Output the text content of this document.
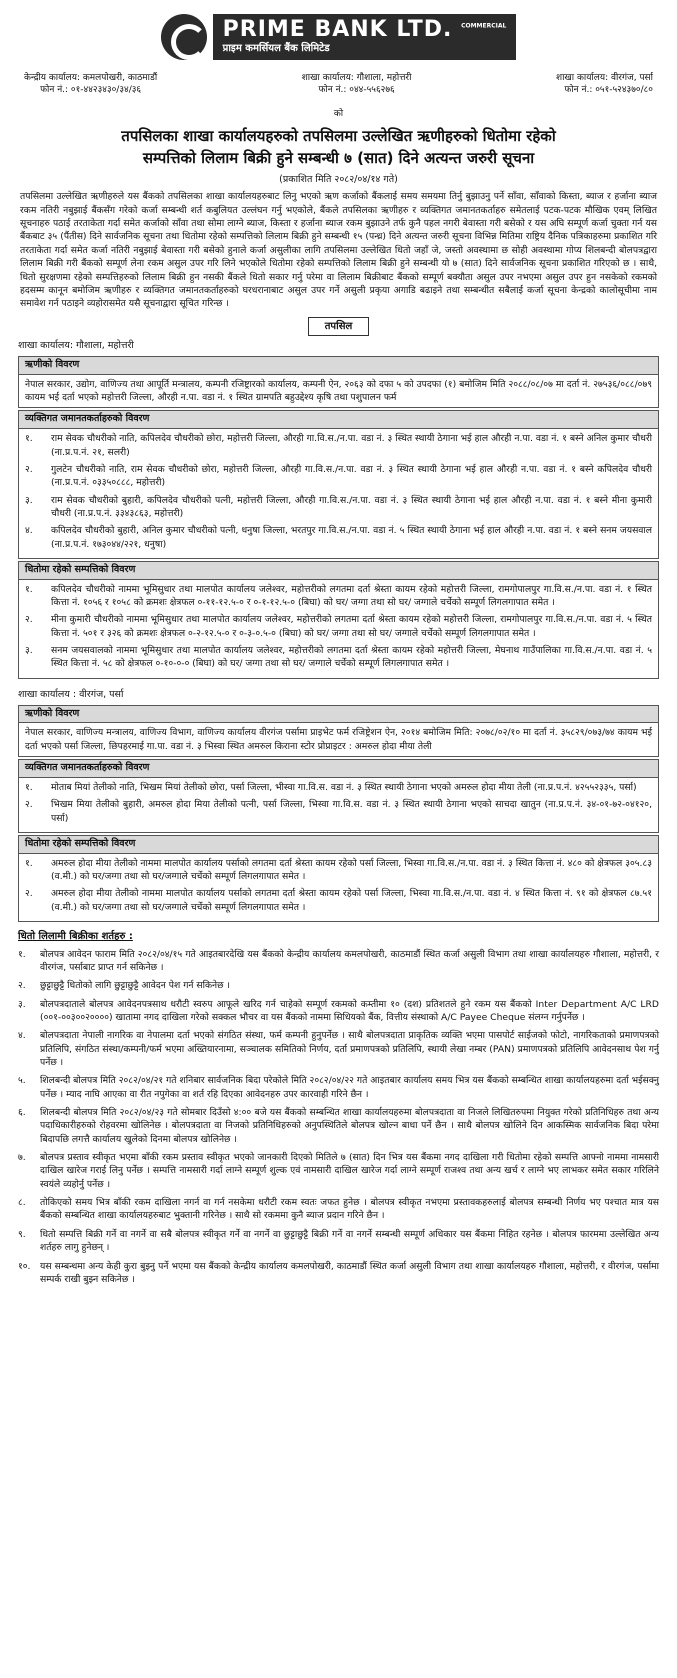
PRIME BANK LTD. $^{COMMERCIAL}$
प्राइम कमर्सियल बैंक लिमिटेड
केन्द्रीय कार्यालय: कमलपोखरी, काठमाडौं
फोन नं.: ०१-४४२३४३०/३४/३६
शाखा कार्यालय: गौशाला, महोत्तरी
फोन नं.: ०४४-५५६२७६
शाखा कार्यालय: वीरगंज, पर्सा
फोन नं.: ०५१-५२४३७०/८०
को
तपसिलका शाखा कार्यालयहरुको तपसिलमा उल्लेखित ऋणीहरुको धितोमा रहेको
सम्पत्तिको लिलाम बिक्री हुने सम्बन्धी ७ (सात) दिने अत्यन्त जरुरी सूचना
(प्रकाशित मिति २०८२/०४/१४ गते)
तपसिलमा उल्लेखित ऋणीहरुले यस बैंकको तपसिलका शाखा कार्यालयहरुबाट लिनु भएको ऋण कर्जाको बैंकलाई समय समयमा तिर्नु बुझाउनु पर्ने साँवा, साँवाको किस्ता, ब्याज र हर्जाना ब्याज रकम नतिरी नबुझाई बैंकसँग गरेको कर्जा सम्बन्धी शर्त कबुलियत उल्लंघन गर्नु भएकोले, बैंकले तपसिलका ऋणीहरु र व्यक्तिगत जमानतकर्ताहरु समेतलाई पटक-पटक मौखिक एवम् लिखित सूचनाहरु पठाई तरताकेता गर्दा समेत कर्जाको साँवा तथा सोमा लाग्ने ब्याज, किस्ता र हर्जाना ब्याज रकम बुझाउने तर्फ कुनै पहल नगरी बेवास्ता गरी बसेको र यस अघि सम्पूर्ण कर्जा चुक्ता गर्न यस बैंकबाट ३५ (पैंतीस) दिने सार्वजनिक सूचना तथा धितोमा रहेको सम्पत्तिको लिलाम बिक्री हुने सम्बन्धी १५ (पन्ध्र) दिने अत्यन्त जरुरी सूचना विभिन्न मितिमा राष्ट्रिय दैनिक पत्रिकाहरुमा प्रकाशित गरि तरताकेता गर्दा समेत कर्जा नतिरी नबुझाई बेवास्ता गरी बसेको हुनाले कर्जा असुलीका लागि तपसिलमा उल्लेखित धितो जहाँ जे, जस्तो अवस्थामा छ सोही अवस्थामा गोप्य शिलबन्दी बोलपत्रद्वारा लिलाम बिक्री गरी बैंकको सम्पूर्ण लेना रकम असुल उपर गरि लिने भएकोले धितोमा रहेको सम्पत्तिको लिलाम बिक्री हुने सम्बन्धी यो ७ (सात) दिने सार्वजनिक सूचना प्रकाशित गरिएको छ । साथै, धितो सुरक्षणमा रहेको सम्पत्तिहरुको लिलाम बिक्री हुन नसकी बैंकले धितो सकार गर्नु परेमा वा लिलाम बिक्रीबाट बैंकको सम्पूर्ण बक्यौता असुल उपर नभएमा असुल उपर हुन नसकेको रकमको हदसम्म कानून बमोजिम ऋणीहरु र व्यक्तिगत जमानतकर्ताहरुको घरधरानाबाट असुल उपर गर्ने असुली प्रकृया अगाडि बढाइने तथा सम्बन्धीत सबैलाई कर्जा सूचना केन्द्रको कालोसूचीमा नाम समावेश गर्न पठाइने व्यहोरासमेत यसै सूचनाद्वारा सूचित गरिन्छ ।
तपसिल
शाखा कार्यालय: गौशाला, महोत्तरी
ऋणीको विवरण
नेपाल सरकार, उद्योग, वाणिज्य तथा आपूर्ति मन्त्रालय, कम्पनी रजिष्ट्रारको कार्यालय, कम्पनी ऐन, २०६३ को दफा ५ को उपदफा (१) बमोजिम मिति २०८८/०८/०७ मा दर्ता नं. २७५३६/०८८/०७९ कायम भई दर्ता भएको महोत्तरी जिल्ला, औरही न.पा. वडा नं. १ स्थित ग्रामपति बहुउद्देश्य कृषि तथा पशुपालन फर्म
व्यक्तिगत जमानतकर्ताहरुको विवरण
१.	राम सेवक चौधरीको नाति, कपिलदेव चौधरीको छोरा, महोत्तरी जिल्ला, औरही गा.वि.स./न.पा. वडा नं. ३ स्थित स्थायी ठेगाना भई हाल औरही न.पा. वडा नं. १ बस्ने अनिल कुमार चौधरी (ना.प्र.प.नं. २१, सलरी)
२.	गुलटेन चौधरीको नाति, राम सेवक चौधरीको छोरा, महोत्तरी जिल्ला, औरही गा.वि.स./न.पा. वडा नं. ३ स्थित स्थायी ठेगाना भई हाल औरही न.पा. वडा नं. १ बस्ने कपिलदेव चौधरी (ना.प्र.प.नं. ०३३५०८८८, महोत्तरी)
३.	राम सेवक चौधरीको बुहारी, कपिलदेव चौधरीको पत्नी, महोत्तरी जिल्ला, औरही गा.वि.स./न.पा. वडा नं. ३ स्थित स्थायी ठेगाना भई हाल औरही न.पा. वडा नं. १ बस्ने मीना कुमारी चौधरी (ना.प्र.प.नं. ३३४३८६३, महोत्तरी)
४.	कपिलदेव चौधरीको बुहारी, अनिल कुमार चौधरीको पत्नी, धनुषा जिल्ला, भरतपुर गा.वि.स./न.पा. वडा नं. ५ स्थित स्थायी ठेगाना भई हाल औरही न.पा. वडा नं. १ बस्ने सनम जयसवाल (ना.प्र.प.नं. १७३०४४/२२१, धनुषा)
धितोमा रहेको सम्पत्तिको विवरण
१.	कपिलदेव चौधरीको नाममा भूमिसुधार तथा मालपोत कार्यालय जलेश्वर, महोत्तरीको लगतमा दर्ता श्रेस्ता कायम रहेको महोत्तरी जिल्ला, रामगोपालपुर गा.वि.स./न.पा. वडा नं. १ स्थित कित्ता नं. १०५६ र १०५८ को क्रमशः क्षेत्रफल ०-११-१२.५-० र ०-१-१२.५-० (बिघा) को घर/ जग्गा तथा सो घर/ जग्गाले चर्चेको सम्पूर्ण लिगलगापात समेत ।
२.	मीना कुमारी चौधरीको नाममा भूमिसुधार तथा मालपोत कार्यालय जलेश्वर, महोत्तरीको लगतमा दर्ता श्रेस्ता कायम रहेको महोत्तरी जिल्ला, रामगोपालपुर गा.वि.स./न.पा. वडा नं. ५ स्थित कित्ता नं. ५०१ र ३२६ को क्रमशः क्षेत्रफल ०-२-१२.५-० र ०-३-०.५-० (बिघा) को घर/ जग्गा तथा सो घर/ जग्गाले चर्चेको सम्पूर्ण लिगलगापात समेत ।
३.	सनम जयसवालको नाममा भूमिसुधार तथा मालपोत कार्यालय जलेश्वर, महोत्तरीको लगतमा दर्ता श्रेस्ता कायम रहेको महोत्तरी जिल्ला, मेघनाथ गाउँपालिका गा.वि.स./न.पा. वडा नं. ५ स्थित कित्ता नं. ५८ को क्षेत्रफल ०-१०-०-० (बिघा) को घर/ जग्गा तथा सो घर/ जग्गाले चर्चेको सम्पूर्ण लिगलगापात समेत ।
शाखा कार्यालय : वीरगंज, पर्सा
ऋणीको विवरण
नेपाल सरकार, वाणिज्य मन्त्रालय, वाणिज्य विभाग, वाणिज्य कार्यालय वीरगंज पर्सामा प्राइभेट फर्म रजिष्ट्रेशन ऐन, २०१४ बमोजिम मिति: २०७८/०२/१० मा दर्ता नं. ३५८२९/०७३/७४ कायम भई दर्ता भएको पर्सा जिल्ला, छिपहरमाई गा.पा. वडा नं. ३ भिस्वा स्थित अमरुल किराना स्टोर प्रोप्राइटर : अमरुल होदा मीया तेली
व्यक्तिगत जमानतकर्ताहरुको विवरण
१.	मोताब मियां तेलीको नाति, भिखम मियां तेलीको छोरा, पर्सा जिल्ला, भीस्वा गा.वि.स. वडा नं. ३ स्थित स्थायी ठेगाना भएको अमरुल होदा मीया तेली (ना.प्र.प.नं. ४२५५२३३५, पर्सा)
२.	भिखम मिया तेलीको बुहारी, अमरुल होदा मिया तेलीको पत्नी, पर्सा जिल्ला, भिस्वा गा.वि.स. वडा नं. ३ स्थित स्थायी ठेगाना भएको साचदा खातुन (ना.प्र.प.नं. ३४-०१-७२-०४१२०, पर्सा)
धितोमा रहेको सम्पत्तिको विवरण
१.	अमरुल होदा मीया तेलीको नाममा मालपोत कार्यालय पर्साको लगतमा दर्ता श्रेस्ता कायम रहेको पर्सा जिल्ला, भिस्वा गा.वि.स./न.पा. वडा नं. ३ स्थित कित्ता नं. ४८० को क्षेत्रफल ३०५.८३ (व.मी.) को घर/जग्गा तथा सो घर/जग्गाले चर्चेको सम्पूर्ण लिगलगापात समेत ।
२.	अमरुल होदा मीया तेलीको नाममा मालपोत कार्यालय पर्साको लगतमा दर्ता श्रेस्ता कायम रहेको पर्सा जिल्ला, भिस्वा गा.वि.स./न.पा. वडा नं. ४ स्थित कित्ता नं. ९१ को क्षेत्रफल ८७.५१ (व.मी.) को घर/जग्गा तथा सो घर/जग्गाले चर्चेको सम्पूर्ण लिगलगापात समेत ।
धितो लिलामी बिक्रीका शर्तहरु :
१.	बोलपत्र आवेदन फाराम मिति २०८२/०४/१५ गते आइतबारदेखि यस बैंकको केन्द्रीय कार्यालय कमलपोखरी, काठमाडौं स्थित कर्जा असुली विभाग तथा शाखा कार्यालयहरु गौशाला, महोत्तरी, र वीरगंज, पर्साबाट प्राप्त गर्न सकिनेछ ।
२.	छुट्टाछुट्टै धितोको लागि छुट्टाछुट्टै आवेदन पेश गर्न सकिनेछ ।
३.	बोलपत्रदाताले बोलपत्र आवेदनपत्रसाथ धरौटी स्वरुप आफूले खरिद गर्न चाहेको सम्पूर्ण रकमको कम्तीमा १० (दश) प्रतिशतले हुने रकम यस बैंकको Inter Department A/C LRD (००१-००३००२००००) खातामा नगद दाखिला गरेको सक्कल भौचर वा यस बैंकको नाममा सिधियको बैंक, वित्तीय संस्थाको A/C Payee Cheque संलग्न गर्नुपर्नेछ ।
४.	बोलपत्रदाता नेपाली नागरिक वा नेपालमा दर्ता भएको संगठित संस्था, फर्म कम्पनी हुनुपर्नेछ । साथै बोलपत्रदाता प्राकृतिक व्यक्ति भएमा पासपोर्ट साईजको फोटो, नागरिकताको प्रमाणपत्रको प्रतिलिपि, संगठित संस्था/कम्पनी/फर्म भएमा अख्तियारनामा, सञ्चालक समितिको निर्णय, दर्ता प्रमाणपत्रको प्रतिलिपि, स्थायी लेखा नम्बर (PAN) प्रमाणपत्रको प्रतिलिपि आवेदनसाथ पेश गर्नु पर्नेछ ।
५.	शिलबन्दी बोलपत्र मिति २०८२/०४/२१ गते शनिबार सार्वजनिक बिदा परेकोले मिति २०८२/०४/२२ गते आइतबार कार्यालय समय भित्र यस बैंकको सम्बन्धित शाखा कार्यालयहरुमा दर्ता भईसक्नु पर्नेछ । म्याद नाघि आएका वा रीत नपुगेका वा शर्त रहि दिएका आवेदनहरु उपर कारवाही गरिने छैन ।
६.	शिलबन्दी बोलपत्र मिति २०८२/०४/२३ गते सोमबार दिउँसो ४:०० बजे यस बैंकको सम्बन्धित शाखा कार्यालयहरुमा बोलपत्रदाता वा निजले लिखितरुपमा नियुक्त गरेको प्रतिनिधिहरु तथा अन्य पदाधिकारीहरुको रोहवरमा खोलिनेछ । बोलपत्रदाता वा निजको प्रतिनिधिहरुको अनुपस्थितिले बोलपत्र खोल्न बाधा पर्ने छैन । साथै बोलपत्र खोलिने दिन आकस्मिक सार्वजनिक बिदा परेमा बिदापछि लगत्तै कार्यालय खुलेको दिनमा बोलपत्र खोलिनेछ ।
७.	बोलपत्र प्रस्ताव स्वीकृत भएमा बाँकी रकम प्रस्ताव स्वीकृत भएको जानकारी दिएको मितिले ७ (सात) दिन भित्र यस बैंकमा नगद दाखिला गरी धितोमा रहेको सम्पत्ति आफ्नो नाममा नामसारी दाखिल खारेज गराई लिनु पर्नेछ । सम्पत्ति नामसारी गर्दा लाग्ने सम्पूर्ण शुल्क एवं नामसारी दाखिल खारेज गर्दा लाग्ने सम्पूर्ण राजश्व तथा अन्य खर्च र लाग्ने भए लाभकर समेत सकार गरिलिने स्वयंले व्यहोर्नु पर्नेछ ।
८.	तोकिएको समय भित्र बाँकी रकम दाखिला नगर्न वा गर्न नसकेमा धरौटी रकम स्वतः जफत हुनेछ । बोलपत्र स्वीकृत नभएमा प्रस्तावकहरुलाई बोलपत्र सम्बन्धी निर्णय भए पश्चात मात्र यस बैंकको सम्बन्धित शाखा कार्यालयहरुबाट भुक्तानी गरिनेछ । साथै सो रकममा कुनै ब्याज प्रदान गरिने छैन ।
९.	धितो सम्पत्ति बिक्री गर्ने वा नगर्ने वा सबै बोलपत्र स्वीकृत गर्ने वा नगर्ने वा छुट्टाछुट्टै बिक्री गर्ने वा नगर्ने सम्बन्धी सम्पूर्ण अधिकार यस बैंकमा निहित रहनेछ । बोलपत्र फारममा उल्लेखित अन्य शर्तहरु लागु हुनेछन् ।
१०.	यस सम्बन्धमा अन्य केही कुरा बुझ्नु पर्ने भएमा यस बैंकको केन्द्रीय कार्यालय कमलपोखरी, काठमाडौं स्थित कर्जा असुली विभाग तथा शाखा कार्यालयहरु गौशाला, महोत्तरी, र वीरगंज, पर्सामा सम्पर्क राखी बुझ्न सकिनेछ ।
